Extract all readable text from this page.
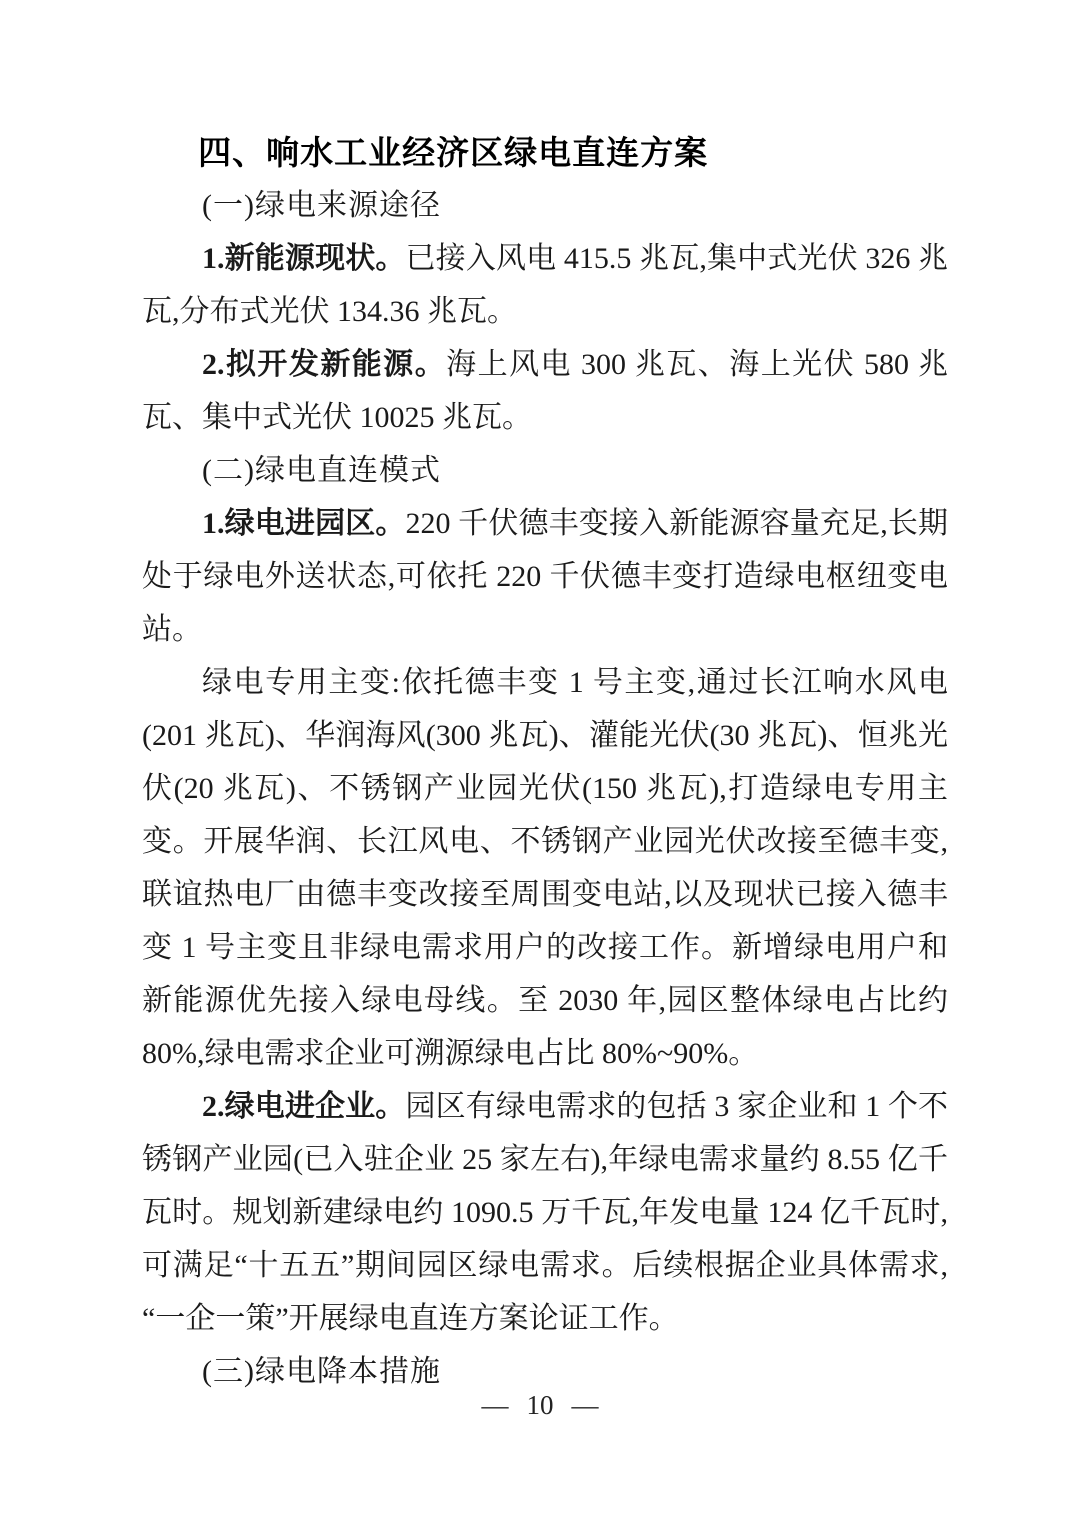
四、响水工业经济区绿电直连方案
(一)绿电来源途径

1.新能源现状。已接入风电 415.5 兆瓦,集中式光伏 326 兆瓦,分布式光伏 134.36 兆瓦。

2.拟开发新能源。海上风电 300 兆瓦、海上光伏 580 兆瓦、集中式光伏 10025 兆瓦。

(二)绿电直连模式

1.绿电进园区。220 千伏德丰变接入新能源容量充足,长期处于绿电外送状态,可依托 220 千伏德丰变打造绿电枢纽变电站。

绿电专用主变:依托德丰变 1 号主变,通过长江响水风电(201 兆瓦)、华润海风(300 兆瓦)、灌能光伏(30 兆瓦)、恒兆光伏(20 兆瓦)、不锈钢产业园光伏(150 兆瓦),打造绿电专用主变。开展华润、长江风电、不锈钢产业园光伏改接至德丰变,联谊热电厂由德丰变改接至周围变电站,以及现状已接入德丰变 1 号主变且非绿电需求用户的改接工作。新增绿电用户和新能源优先接入绿电母线。至 2030 年,园区整体绿电占比约 80%,绿电需求企业可溯源绿电占比 80%~90%。

2.绿电进企业。园区有绿电需求的包括 3 家企业和 1 个不锈钢产业园(已入驻企业 25 家左右),年绿电需求量约 8.55 亿千瓦时。规划新建绿电约 1090.5 万千瓦,年发电量 124 亿千瓦时,可满足“十五五”期间园区绿电需求。后续根据企业具体需求,“一企一策”开展绿电直连方案论证工作。

(三)绿电降本措施
— 10 —
